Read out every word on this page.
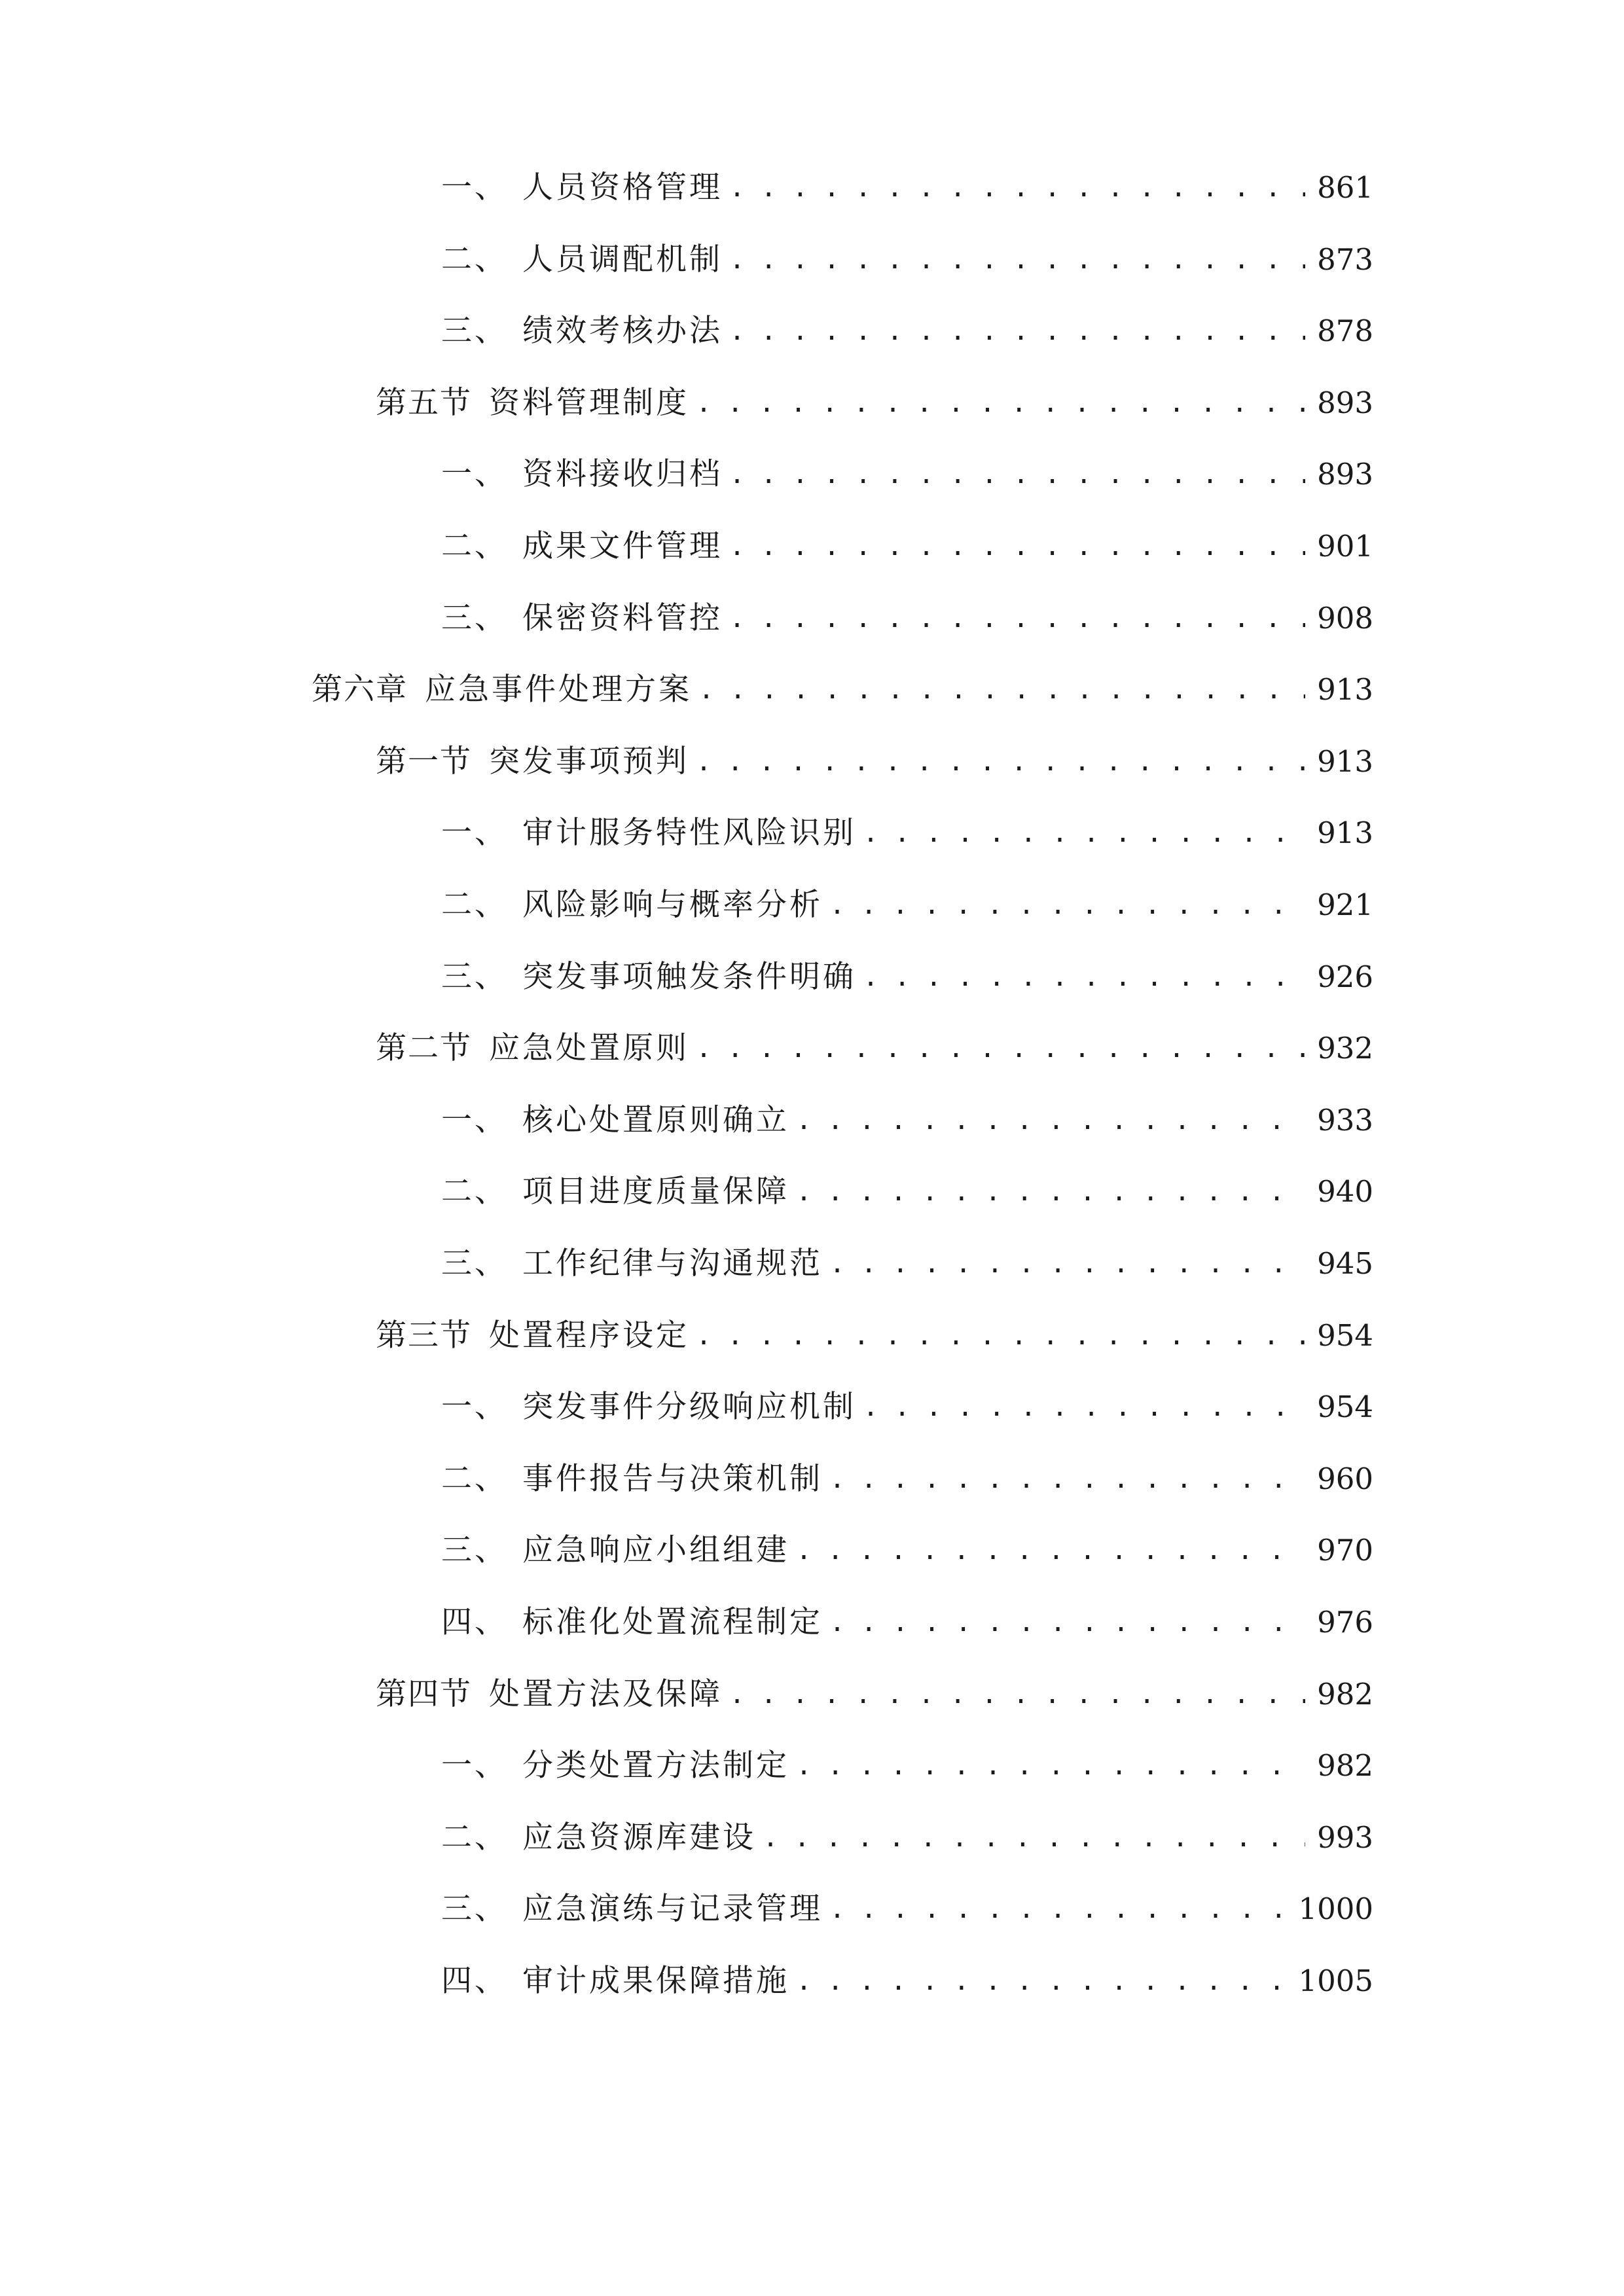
一、 人员资格管理 . . .	861
二、 人员调配机制 . . .	873
三、 绩效考核办法 . . .	878
第五节 资料管理制度 . . .	893
一、 资料接收归档 . . .	893
二、 成果文件管理 . . .	901
三、 保密资料管控 . . .	908
第六章 应急事件处理方案 . . .	913
第一节 突发事项预判 . . .	913
一、 审计服务特性风险识别 . . .	913
二、 风险影响与概率分析 . . .	921
三、 突发事项触发条件明确 . . .	926
第二节 应急处置原则 . . .	932
一、 核心处置原则确立 . . .	933
二、 项目进度质量保障 . . .	940
三、 工作纪律与沟通规范 . . .	945
第三节 处置程序设定 . . .	954
一、 突发事件分级响应机制 . . .	954
二、 事件报告与决策机制 . . .	960
三、 应急响应小组组建 . . .	970
四、 标准化处置流程制定 . . .	976
第四节 处置方法及保障 . . .	982
一、 分类处置方法制定 . . .	982
二、 应急资源库建设 . . .	993
三、 应急演练与记录管理 . . .	1000
四、 审计成果保障措施 . . .	1005
